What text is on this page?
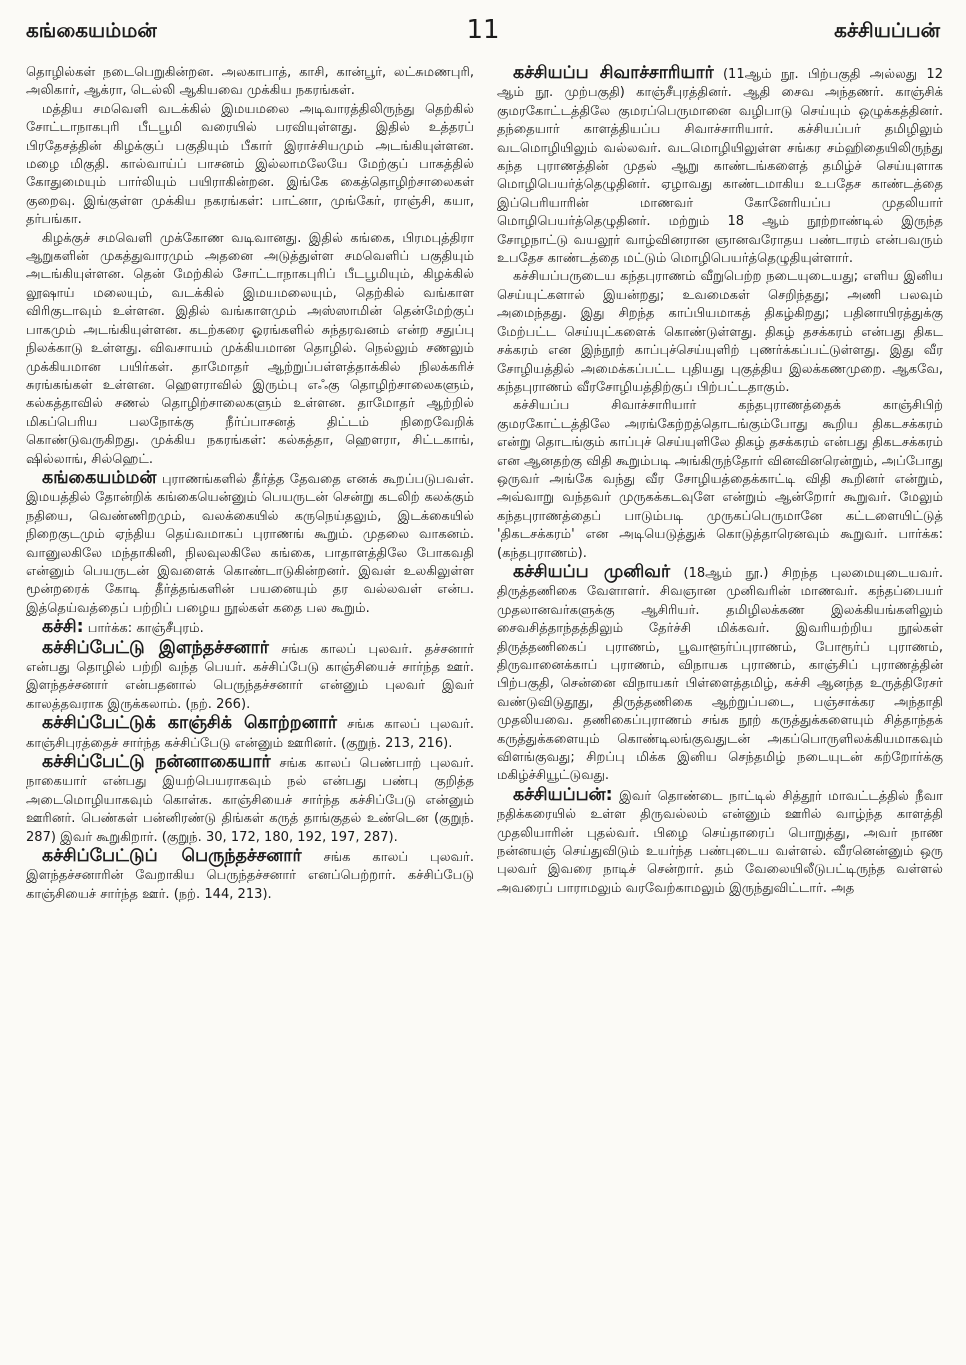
கங்கையம்மன்	11	கச்சியப்பன்

தொழில்கள் நடைபெறுகின்றன. அலகாபாத், காசி, கான்பூர், லட்சுமணபுரி, அலிகார், ஆக்ரா, டெல்லி ஆகியவை முக்கிய நகரங்கள்.

மத்திய சமவெளி வடக்கில் இமயமலை அடிவாரத்திலிருந்து தெற்கில் சோட்டாநாகபுரி பீடபூமி வரையில் பரவியுள்ளது. இதில் உத்தரப் பிரதேசத்தின் கிழக்குப் பகுதியும் பீகார் இராச்சியமும் அடங்கியுள்ளன. மழை மிகுதி. கால்வாய்ப் பாசனம் இல்லாமலேயே மேற்குப் பாகத்தில் கோதுமையும் பார்லியும் பயிராகின்றன. இங்கே கைத்தொழிற்சாலைகள் குறைவு. இங்குள்ள முக்கிய நகரங்கள்: பாட்னா, முங்கேர், ராஞ்சி, கயா, தர்பங்கா.

கிழக்குச் சமவெளி முக்கோண வடிவானது. இதில் கங்கை, பிரமபுத்திரா ஆறுகளின் முகத்துவாரமும் அதனை அடுத்துள்ள சமவெளிப் பகுதியும் அடங்கியுள்ளன. தென் மேற்கில் சோட்டாநாகபுரிப் பீடபூமியும், கிழக்கில் லூஷாய் மலையும், வடக்கில் இமயமலையும், தெற்கில் வங்காள விரிகுடாவும் உள்ளன. இதில் வங்காளமும் அஸ்ஸாமின் தென்மேற்குப் பாகமும் அடங்கியுள்ளன. கடற்கரை ஓரங்களில் சுந்தரவனம் என்ற சதுப்பு நிலக்காடு உள்ளது. விவசாயம் முக்கியமான தொழில். நெல்லும் சணலும் முக்கியமான பயிர்கள். தாமோதர் ஆற்றுப்பள்ளத்தாக்கில் நிலக்கரிச் சுரங்கங்கள் உள்ளன. ஹௌராவில் இரும்பு எஃகு தொழிற்சாலைகளும், கல்கத்தாவில் சணல் தொழிற்சாலைகளும் உள்ளன. தாமோதர் ஆற்றில் மிகப்பெரிய பலநோக்கு நீர்ப்பாசனத் திட்டம் நிறைவேறிக் கொண்டுவருகிறது. முக்கிய நகரங்கள்: கல்கத்தா, ஹௌரா, சிட்டகாங், ஷில்லாங், சில்ஹெட்.

கங்கையம்மன் புராணங்களில் தீர்த்த தேவதை எனக் கூறப்படுபவள். இமயத்தில் தோன்றிக் கங்கையென்னும் பெயருடன் சென்று கடலிற் கலக்கும் நதியை, வெண்ணிறமும், வலக்கையில் கருநெய்தலும், இடக்கையில் நிறைகுடமும் ஏந்திய தெய்வமாகப் புராணங் கூறும். முதலை வாகனம். வானுலகிலே மந்தாகினி, நிலவுலகிலே கங்கை, பாதாளத்திலே போகவதி என்னும் பெயருடன் இவளைக் கொண்டாடுகின்றனர். இவள் உலகிலுள்ள மூன்றரைக் கோடி தீர்த்தங்களின் பயனையும் தர வல்லவள் என்ப. இத்தெய்வத்தைப் பற்றிப் பழைய நூல்கள் கதை பல கூறும்.

கச்சி: பார்க்க: காஞ்சீபுரம்.

கச்சிப்பேட்டு இளந்தச்சனார் சங்க காலப் புலவர். தச்சனார் என்பது தொழில் பற்றி வந்த பெயர். கச்சிப்பேடு காஞ்சியைச் சார்ந்த ஊர். இளந்தச்சனார் என்பதனால் பெருந்தச்சனார் என்னும் புலவர் இவர் காலத்தவராக இருக்கலாம். (நற். 266).

கச்சிப்பேட்டுக் காஞ்சிக் கொற்றனார் சங்க காலப் புலவர். காஞ்சிபுரத்தைச் சார்ந்த கச்சிப்பேடு என்னும் ஊரினர். (குறுந். 213, 216).

கச்சிப்பேட்டு நன்னாகையார் சங்க காலப் பெண்பாற் புலவர். நாகையார் என்பது இயற்பெயராகவும் நல் என்பது பண்பு குறித்த அடைமொழியாகவும் கொள்க. காஞ்சியைச் சார்ந்த கச்சிப்பேடு என்னும் ஊரினர். பெண்கள் பன்னிரண்டு திங்கள் கருத் தாங்குதல் உண்டென (குறுந். 287) இவர் கூறுகிறார். (குறுந். 30, 172, 180, 192, 197, 287).

கச்சிப்பேட்டுப் பெருந்தச்சனார் சங்க காலப் புலவர். இளந்தச்சனாரின் வேறாகிய பெருந்தச்சனார் எனப்பெற்றார். கச்சிப்பேடு காஞ்சியைச் சார்ந்த ஊர். (நற். 144, 213).

கச்சியப்ப சிவாச்சாரியார் (11ஆம் நூ. பிற்பகுதி அல்லது 12 ஆம் நூ. முற்பகுதி) காஞ்சீபுரத்தினர். ஆதி சைவ அந்தணர். காஞ்சிக் குமரகோட்டத்திலே குமரப்பெருமானை வழிபாடு செய்யும் ஒழுக்கத்தினர். தந்தையார் காளத்தியப்ப சிவாச்சாரியார். கச்சியப்பர் தமிழிலும் வடமொழியிலும் வல்லவர். வடமொழியிலுள்ள சங்கர சம்ஹிதையிலிருந்து கந்த புராணத்தின் முதல் ஆறு காண்டங்களைத் தமிழ்ச் செய்யுளாக மொழிபெயர்த்தெழுதினர். ஏழாவது காண்டமாகிய உபதேச காண்டத்தை இப்பெரியாரின் மாணவர் கோனேரியப்ப முதலியார் மொழிபெயர்த்தெழுதினர். மற்றும் 18 ஆம் நூற்றாண்டில் இருந்த சோழநாட்டு வயலூர் வாழ்வினரான ஞானவரோதய பண்டாரம் என்பவரும் உபதேச காண்டத்தை மட்டும் மொழிபெயர்த்தெழுதியுள்ளார்.

கச்சியப்பருடைய கந்தபுராணம் வீறுபெற்ற நடையுடையது; எளிய இனிய செய்யுட்களால் இயன்றது; உவமைகள் செறிந்தது; அணி பலவும் அமைந்தது. இது சிறந்த காப்பியமாகத் திகழ்கிறது; பதினாயிரத்துக்கு மேற்பட்ட செய்யுட்களைக் கொண்டுள்ளது. திகழ் தசக்கரம் என்பது திகட சக்கரம் என இந்நூற் காப்புச்செய்யுளிற் புணர்க்கப்பட்டுள்ளது. இது வீர சோழியத்தில் அமைக்கப்பட்ட புதியது புகுத்திய இலக்கணமுறை. ஆகவே, கந்தபுராணம் வீரசோழியத்திற்குப் பிற்பட்டதாகும்.

கச்சியப்ப சிவாச்சாரியார் கந்தபுராணத்தைக் காஞ்சிபிற் குமரகோட்டத்திலே அரங்கேற்றத்தொடங்கும்போது கூறிய திகடசக்கரம் என்று தொடங்கும் காப்புச் செய்யுளிலே திகழ் தசக்கரம் என்பது திகடசக்கரம் என ஆனதற்கு விதி கூறும்படி அங்கிருந்தோர் வினவினரென்றும், அப்போது ஒருவர் அங்கே வந்து வீர சோழியத்தைக்காட்டி விதி கூறினர் என்றும், அவ்வாறு வந்தவர் முருகக்கடவுளே என்றும் ஆன்றோர் கூறுவர். மேலும் கந்தபுராணத்தைப் பாடும்படி முருகப்பெருமானே கட்டளையிட்டுத் 'திகடசக்கரம்' என அடியெடுத்துக் கொடுத்தாரெனவும் கூறுவர். பார்க்க: (கந்தபுராணம்).

கச்சியப்ப முனிவர் (18ஆம் நூ.) சிறந்த புலமையுடையவர். திருத்தணிகை வேளாளர். சிவஞான முனிவரின் மாணவர். கந்தப்பையர் முதலானவர்களுக்கு ஆசிரியர். தமிழிலக்கண இலக்கியங்களிலும் சைவசித்தாந்தத்திலும் தேர்ச்சி மிக்கவர். இவரியற்றிய நூல்கள் திருத்தணிகைப் புராணம், பூவாளூர்ப்புராணம், போரூர்ப் புராணம், திருவானைக்காப் புராணம், விநாயக புராணம், காஞ்சிப் புராணத்தின் பிற்பகுதி, சென்னை விநாயகர் பிள்ளைத்தமிழ், கச்சி ஆனந்த உருத்திரேசர் வண்டுவிடுதூது, திருத்தணிகை ஆற்றுப்படை, பஞ்சாக்கர அந்தாதி முதலியவை. தணிகைப்புராணம் சங்க நூற் கருத்துக்களையும் சித்தாந்தக் கருத்துக்களையும் கொண்டிலங்குவதுடன் அகப்பொருளிலக்கியமாகவும் விளங்குவது; சிறப்பு மிக்க இனிய செந்தமிழ் நடையுடன் கற்றோர்க்கு மகிழ்ச்சியூட்டுவது.

கச்சியப்பன்: இவர் தொண்டை நாட்டில் சித்தூர் மாவட்டத்தில் நீவா நதிக்கரையில் உள்ள திருவல்லம் என்னும் ஊரில் வாழ்ந்த காளத்தி முதலியாரின் புதல்வர். பிழை செய்தாரைப் பொறுத்து, அவர் நாண நன்னயஞ் செய்துவிடும் உயர்ந்த பண்புடைய வள்ளல். வீரனென்னும் ஒரு புலவர் இவரை நாடிச் சென்றார். தம் வேலையிலீடுபட்டிருந்த வள்ளல் அவரைப் பாராமலும் வரவேற்காமலும் இருந்துவிட்டார். அத
